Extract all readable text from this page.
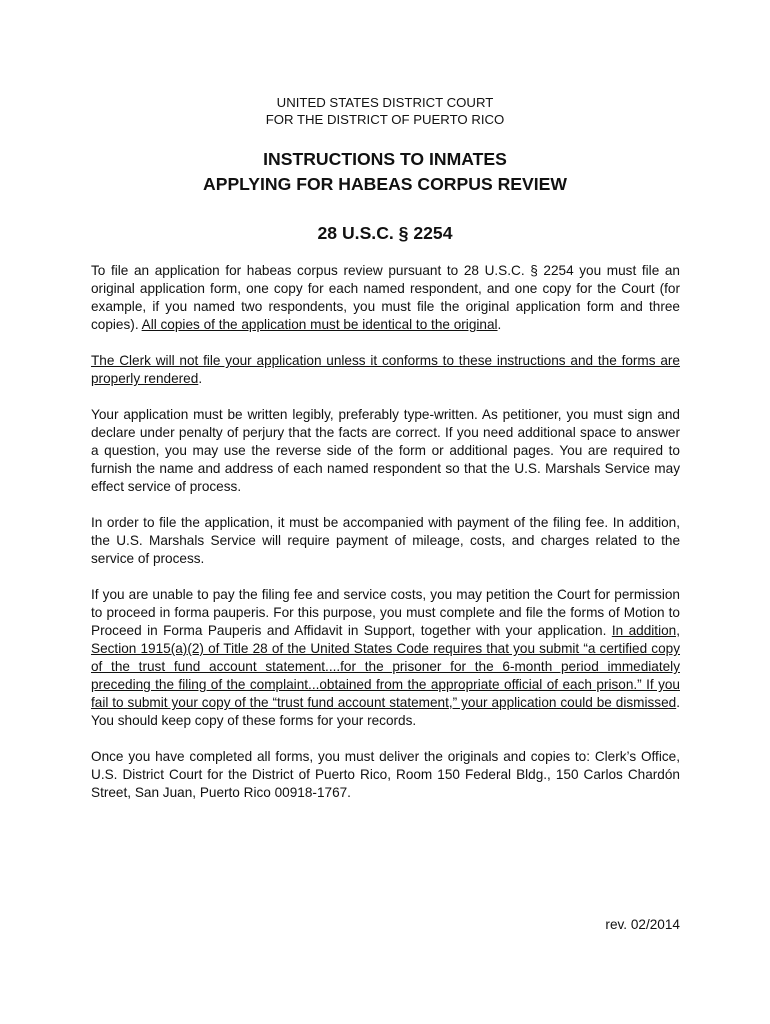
UNITED STATES DISTRICT COURT
FOR THE DISTRICT OF PUERTO RICO
INSTRUCTIONS TO INMATES
APPLYING FOR HABEAS CORPUS REVIEW
28 U.S.C. § 2254

To file an application for habeas corpus review pursuant to 28 U.S.C. § 2254 you must file an original application form, one copy for each named respondent, and one copy for the Court (for example, if you named two respondents, you must file the original application form and three copies). All copies of the application must be identical to the original.

The Clerk will not file your application unless it conforms to these instructions and the forms are properly rendered.

Your application must be written legibly, preferably type-written. As petitioner, you must sign and declare under penalty of perjury that the facts are correct. If you need additional space to answer a question, you may use the reverse side of the form or additional pages. You are required to furnish the name and address of each named respondent so that the U.S. Marshals Service may effect service of process.

In order to file the application, it must be accompanied with payment of the filing fee. In addition, the U.S. Marshals Service will require payment of mileage, costs, and charges related to the service of process.

If you are unable to pay the filing fee and service costs, you may petition the Court for permission to proceed in forma pauperis. For this purpose, you must complete and file the forms of Motion to Proceed in Forma Pauperis and Affidavit in Support, together with your application. In addition, Section 1915(a)(2) of Title 28 of the United States Code requires that you submit “a certified copy of the trust fund account statement....for the prisoner for the 6-month period immediately preceding the filing of the complaint...obtained from the appropriate official of each prison.” If you fail to submit your copy of the “trust fund account statement,” your application could be dismissed. You should keep copy of these forms for your records.

Once you have completed all forms, you must deliver the originals and copies to: Clerk’s Office, U.S. District Court for the District of Puerto Rico, Room 150 Federal Bldg., 150 Carlos Chardón Street, San Juan, Puerto Rico 00918-1767.

rev. 02/2014
